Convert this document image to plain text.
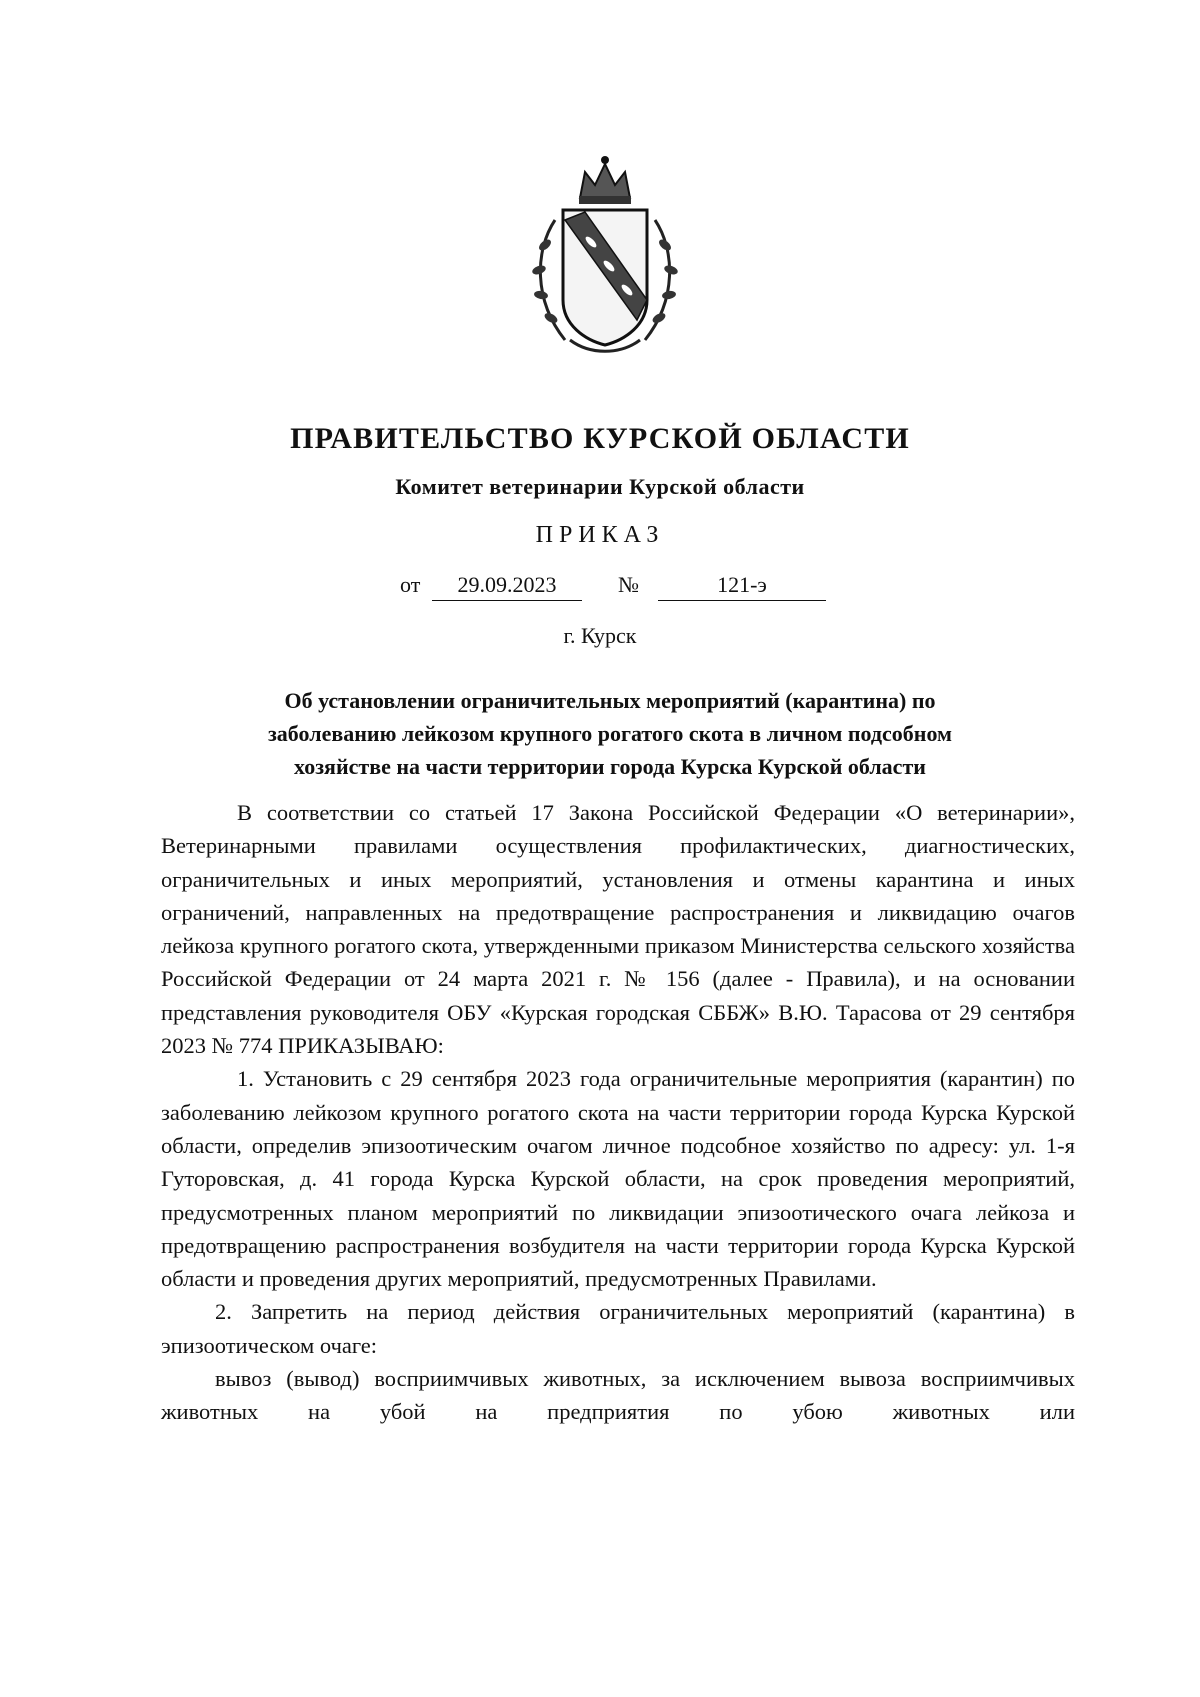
ПРАВИТЕЛЬСТВО КУРСКОЙ ОБЛАСТИ
Комитет ветеринарии Курской области
ПРИКАЗ
от	29.09.2023	№	121-э
г. Курск
Об установлении ограничительных мероприятий (карантина) по
заболеванию лейкозом крупного рогатого скота в личном подсобном
хозяйстве на части территории города Курска Курской области

В соответствии со статьей 17 Закона Российской Федерации «О ветеринарии», Ветеринарными правилами осуществления профилактических, диагностических, ограничительных и иных мероприятий, установления и отмены карантина и иных ограничений, направленных на предотвращение распространения и ликвидацию очагов лейкоза крупного рогатого скота, утвержденными приказом Министерства сельского хозяйства Российской Федерации от 24 марта 2021 г. № 156 (далее - Правила), и на основании представления руководителя ОБУ «Курская городская СББЖ» В.Ю. Тарасова от 29 сентября 2023 № 774 ПРИКАЗЫВАЮ:

1. Установить с 29 сентября 2023 года ограничительные мероприятия (карантин) по заболеванию лейкозом крупного рогатого скота на части территории города Курска Курской области, определив эпизоотическим очагом личное подсобное хозяйство по адресу: ул. 1-я Гуторовская, д. 41 города Курска Курской области, на срок проведения мероприятий, предусмотренных планом мероприятий по ликвидации эпизоотического очага лейкоза и предотвращению распространения возбудителя на части территории города Курска Курской области и проведения других мероприятий, предусмотренных Правилами.

2. Запретить на период действия ограничительных мероприятий (карантина) в эпизоотическом очаге:

вывоз (вывод) восприимчивых животных, за исключением вывоза восприимчивых животных на убой на предприятия по убою животных или
